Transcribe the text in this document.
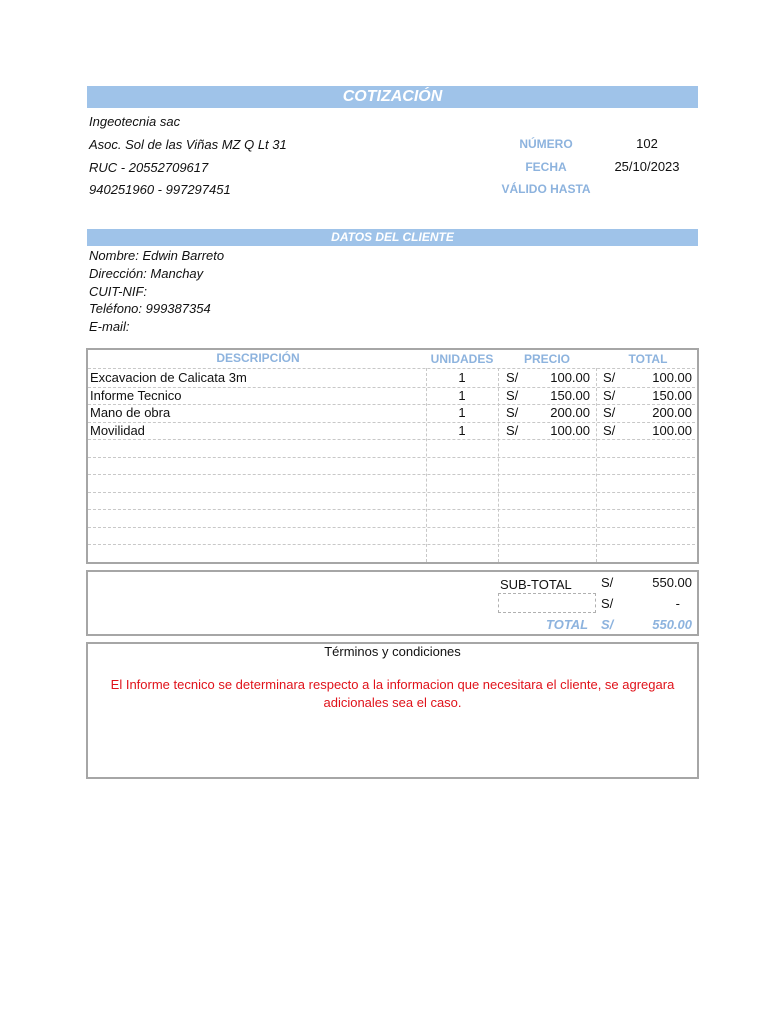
COTIZACIÓN
Ingeotecnia sac
Asoc. Sol de las Viñas MZ Q Lt 31
RUC - 20552709617
940251960 - 997297451
NÚMERO	102
FECHA	25/10/2023
VÁLIDO HASTA
DATOS DEL CLIENTE
Nombre: Edwin Barreto
Dirección: Manchay
CUIT-NIF:
Teléfono: 999387354
E-mail:
DESCRIPCIÓN	UNIDADES	PRECIO	TOTAL
Excavacion de Calicata 3m	1	S/	100.00 S/	100.00
Informe Tecnico	1	S/	150.00 S/	150.00
Mano de obra	1	S/	200.00 S/	200.00
Movilidad	1	S/	100.00 S/	100.00
SUB-TOTAL S/	550.00
S/	-
TOTAL S/	550.00
Términos y condiciones
El Informe tecnico se determinara respecto a la informacion que necesitara el cliente, se agregara
adicionales sea el caso.
